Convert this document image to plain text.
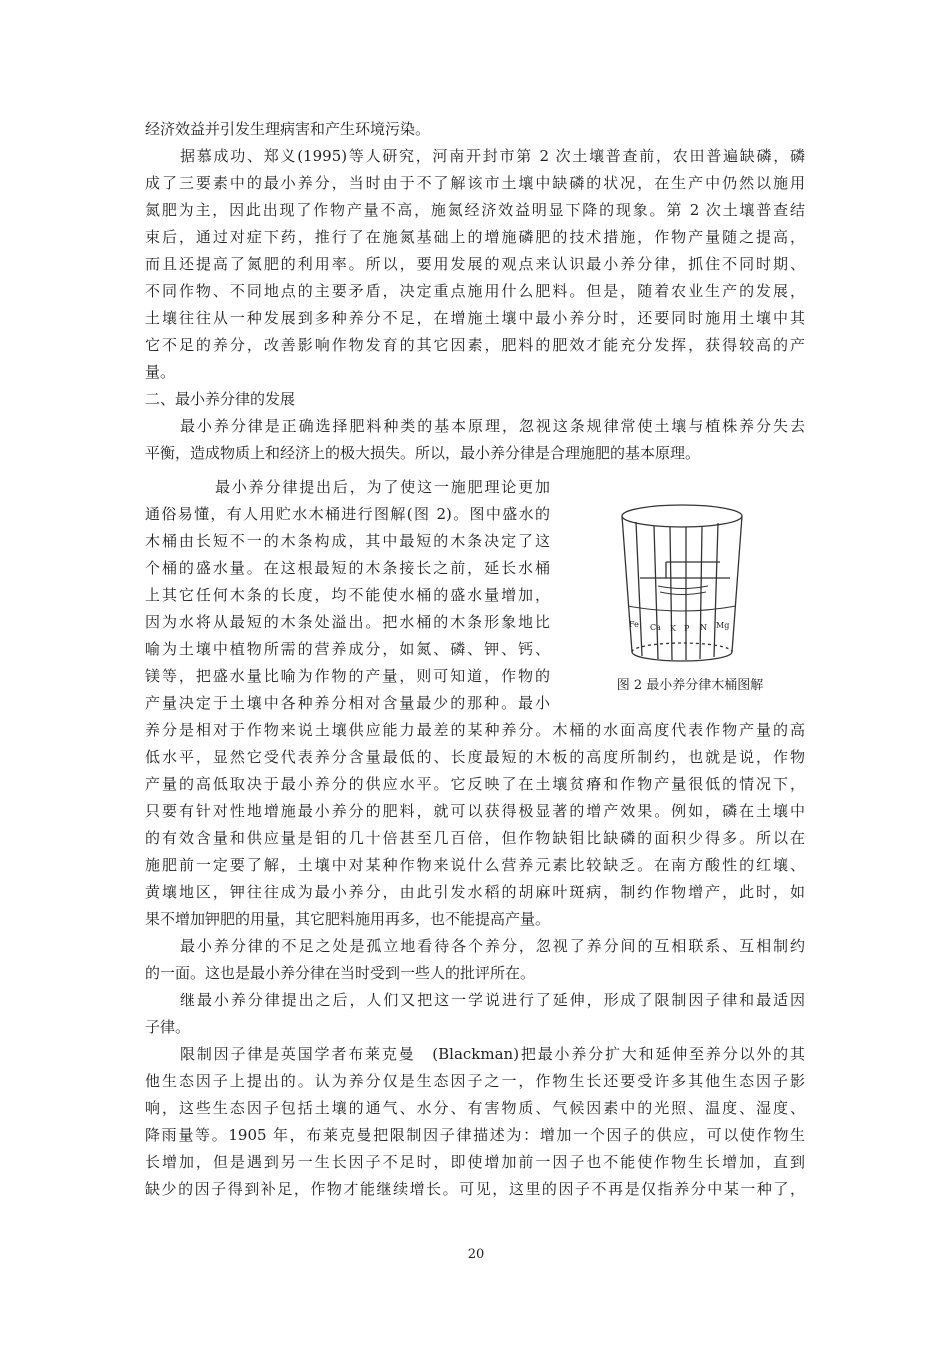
经济效益并引发生理病害和产生环境污染。
据慕成功、郑义(1995)等人研究，河南开封市第 2 次土壤普查前，农田普遍缺磷，磷
成了三要素中的最小养分，当时由于不了解该市土壤中缺磷的状况，在生产中仍然以施用
氮肥为主，因此出现了作物产量不高，施氮经济效益明显下降的现象。第 2 次土壤普查结
束后，通过对症下药，推行了在施氮基础上的增施磷肥的技术措施，作物产量随之提高，
而且还提高了氮肥的利用率。所以，要用发展的观点来认识最小养分律，抓住不同时期、
不同作物、不同地点的主要矛盾，决定重点施用什么肥料。但是，随着农业生产的发展，
土壤往往从一种发展到多种养分不足，在增施土壤中最小养分时，还要同时施用土壤中其
它不足的养分，改善影响作物发育的其它因素，肥料的肥效才能充分发挥，获得较高的产
量。
二、最小养分律的发展
最小养分律是正确选择肥料种类的基本原理，忽视这条规律常使土壤与植株养分失去
平衡，造成物质上和经济上的极大损失。所以，最小养分律是合理施肥的基本原理。
最小养分律提出后，为了使这一施肥理论更加
通俗易懂，有人用贮水木桶进行图解(图 2)。图中盛水的
木桶由长短不一的木条构成，其中最短的木条决定了这
个桶的盛水量。在这根最短的木条接长之前，延长水桶
上其它任何木条的长度，均不能使水桶的盛水量增加，
因为水将从最短的木条处溢出。把水桶的木条形象地比
喻为土壤中植物所需的营养成分，如氮、磷、钾、钙、
镁等，把盛水量比喻为作物的产量，则可知道，作物的
产量决定于土壤中各种养分相对含量最少的那种。最小
Fe Ca K P N Mg
图 2 最小养分律木桶图解
养分是相对于作物来说土壤供应能力最差的某种养分。木桶的水面高度代表作物产量的高
低水平，显然它受代表养分含量最低的、长度最短的木板的高度所制约，也就是说，作物
产量的高低取决于最小养分的供应水平。它反映了在土壤贫瘠和作物产量很低的情况下，
只要有针对性地增施最小养分的肥料，就可以获得极显著的增产效果。例如，磷在土壤中
的有效含量和供应量是钼的几十倍甚至几百倍，但作物缺钼比缺磷的面积少得多。所以在
施肥前一定要了解，土壤中对某种作物来说什么营养元素比较缺乏。在南方酸性的红壤、
黄壤地区，钾往往成为最小养分，由此引发水稻的胡麻叶斑病，制约作物增产，此时，如
果不增加钾肥的用量，其它肥料施用再多，也不能提高产量。
最小养分律的不足之处是孤立地看待各个养分，忽视了养分间的互相联系、互相制约
的一面。这也是最小养分律在当时受到一些人的批评所在。
继最小养分律提出之后，人们又把这一学说进行了延伸，形成了限制因子律和最适因
子律。
限制因子律是英国学者布莱克曼　(Blackman)把最小养分扩大和延伸至养分以外的其
他生态因子上提出的。认为养分仅是生态因子之一，作物生长还要受许多其他生态因子影
响，这些生态因子包括土壤的通气、水分、有害物质、气候因素中的光照、温度、湿度、
降雨量等。1905 年，布莱克曼把限制因子律描述为：增加一个因子的供应，可以使作物生
长增加，但是遇到另一生长因子不足时，即使增加前一因子也不能使作物生长增加，直到
缺少的因子得到补足，作物才能继续增长。可见，这里的因子不再是仅指养分中某一种了，
20
